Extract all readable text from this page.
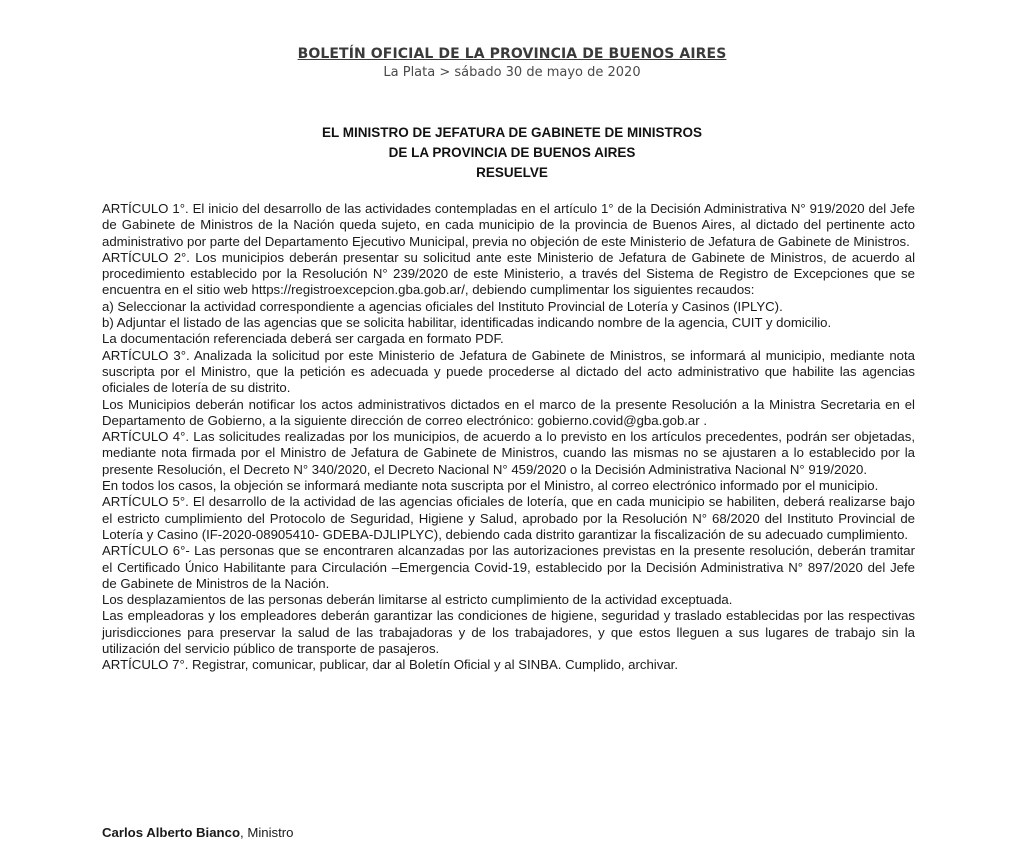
BOLETÍN OFICIAL DE LA PROVINCIA DE BUENOS AIRES
La Plata > sábado 30 de mayo de 2020
EL MINISTRO DE JEFATURA DE GABINETE DE MINISTROS
DE LA PROVINCIA DE BUENOS AIRES
RESUELVE

ARTÍCULO 1°. El inicio del desarrollo de las actividades contempladas en el artículo 1° de la Decisión Administrativa N° 919/2020 del Jefe de Gabinete de Ministros de la Nación queda sujeto, en cada municipio de la provincia de Buenos Aires, al dictado del pertinente acto administrativo por parte del Departamento Ejecutivo Municipal, previa no objeción de este Ministerio de Jefatura de Gabinete de Ministros.

ARTÍCULO 2°. Los municipios deberán presentar su solicitud ante este Ministerio de Jefatura de Gabinete de Ministros, de acuerdo al procedimiento establecido por la Resolución N° 239/2020 de este Ministerio, a través del Sistema de Registro de Excepciones que se encuentra en el sitio web https://registroexcepcion.gba.gob.ar/, debiendo cumplimentar los siguientes recaudos:

a) Seleccionar la actividad correspondiente a agencias oficiales del Instituto Provincial de Lotería y Casinos (IPLYC).

b) Adjuntar el listado de las agencias que se solicita habilitar, identificadas indicando nombre de la agencia, CUIT y domicilio.

La documentación referenciada deberá ser cargada en formato PDF.

ARTÍCULO 3°. Analizada la solicitud por este Ministerio de Jefatura de Gabinete de Ministros, se informará al municipio, mediante nota suscripta por el Ministro, que la petición es adecuada y puede procederse al dictado del acto administrativo que habilite las agencias oficiales de lotería de su distrito.

Los Municipios deberán notificar los actos administrativos dictados en el marco de la presente Resolución a la Ministra Secretaria en el Departamento de Gobierno, a la siguiente dirección de correo electrónico: gobierno.covid@gba.gob.ar .

ARTÍCULO 4°. Las solicitudes realizadas por los municipios, de acuerdo a lo previsto en los artículos precedentes, podrán ser objetadas, mediante nota firmada por el Ministro de Jefatura de Gabinete de Ministros, cuando las mismas no se ajustaren a lo establecido por la presente Resolución, el Decreto N° 340/2020, el Decreto Nacional N° 459/2020 o la Decisión Administrativa Nacional N° 919/2020.

En todos los casos, la objeción se informará mediante nota suscripta por el Ministro, al correo electrónico informado por el municipio.

ARTÍCULO 5°. El desarrollo de la actividad de las agencias oficiales de lotería, que en cada municipio se habiliten, deberá realizarse bajo el estricto cumplimiento del Protocolo de Seguridad, Higiene y Salud, aprobado por la Resolución N° 68/2020 del Instituto Provincial de Lotería y Casino (IF-2020-08905410- GDEBA-DJLIPLYC), debiendo cada distrito garantizar la fiscalización de su adecuado cumplimiento.

ARTÍCULO 6°- Las personas que se encontraren alcanzadas por las autorizaciones previstas en la presente resolución, deberán tramitar el Certificado Único Habilitante para Circulación –Emergencia Covid-19, establecido por la Decisión Administrativa N° 897/2020 del Jefe de Gabinete de Ministros de la Nación.

Los desplazamientos de las personas deberán limitarse al estricto cumplimiento de la actividad exceptuada.

Las empleadoras y los empleadores deberán garantizar las condiciones de higiene, seguridad y traslado establecidas por las respectivas jurisdicciones para preservar la salud de las trabajadoras y de los trabajadores, y que estos lleguen a sus lugares de trabajo sin la utilización del servicio público de transporte de pasajeros.

ARTÍCULO 7°. Registrar, comunicar, publicar, dar al Boletín Oficial y al SINBA. Cumplido, archivar.

Carlos Alberto Bianco, Ministro
